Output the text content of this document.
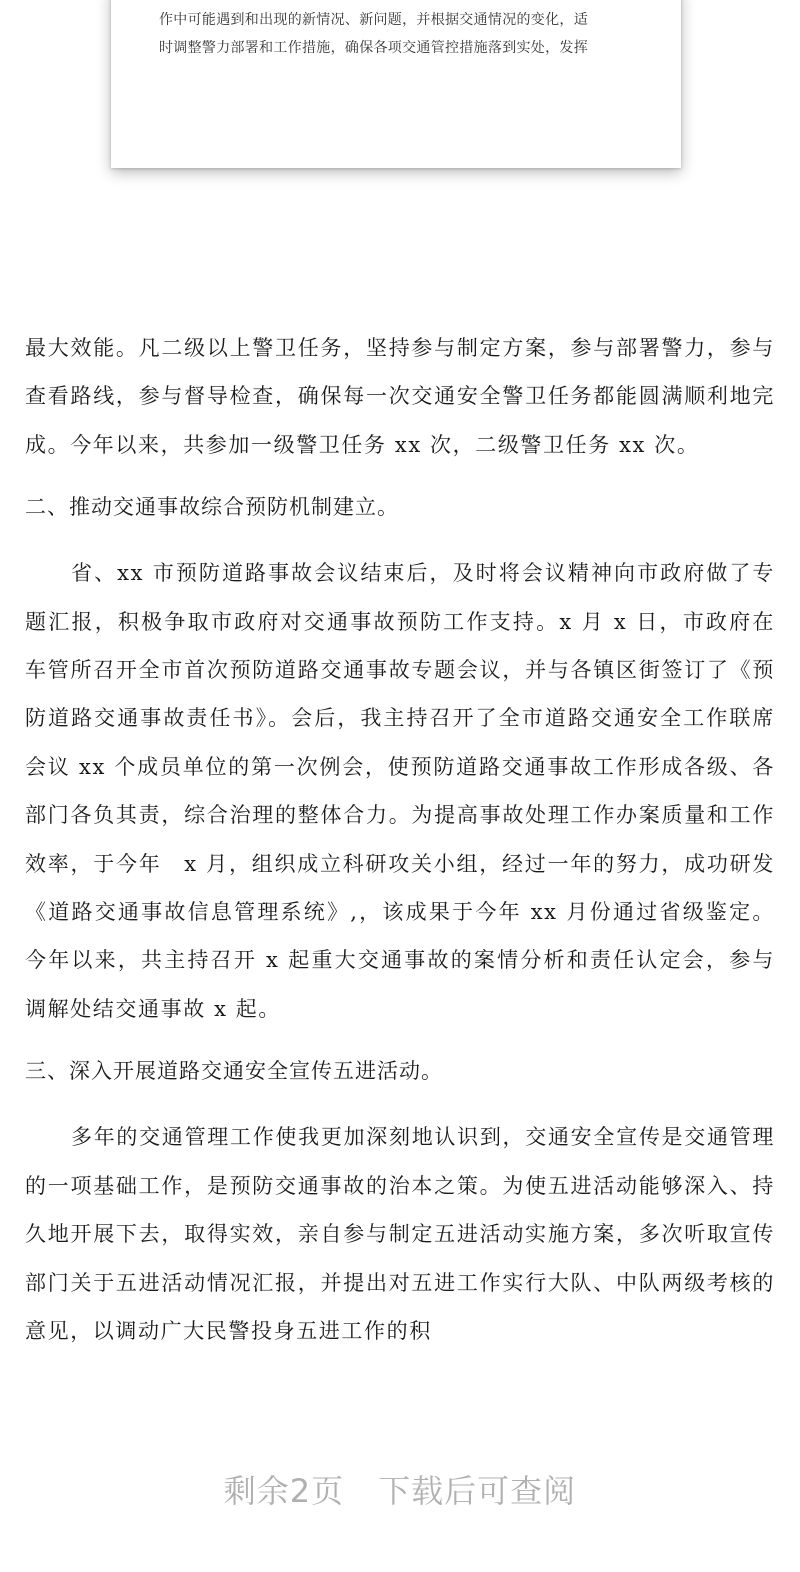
作中可能遇到和出现的新情况、新问题，并根据交通情况的变化，适
时调整警力部署和工作措施，确保各项交通管控措施落到实处，发挥

最大效能。凡二级以上警卫任务，坚持参与制定方案，参与部署警力，参与查看路线，参与督导检查，确保每一次交通安全警卫任务都能圆满顺利地完成。今年以来，共参加一级警卫任务 xx 次，二级警卫任务 xx 次。

二、推动交通事故综合预防机制建立。

省、xx 市预防道路事故会议结束后，及时将会议精神向市政府做了专题汇报，积极争取市政府对交通事故预防工作支持。x 月 x 日，市政府在车管所召开全市首次预防道路交通事故专题会议，并与各镇区街签订了《预防道路交通事故责任书》。会后，我主持召开了全市道路交通安全工作联席会议 xx 个成员单位的第一次例会，使预防道路交通事故工作形成各级、各部门各负其责，综合治理的整体合力。为提高事故处理工作办案质量和工作效率，于今年　x 月，组织成立科研攻关小组，经过一年的努力，成功研发《道路交通事故信息管理系统》,，该成果于今年 xx 月份通过省级鉴定。今年以来，共主持召开 x 起重大交通事故的案情分析和责任认定会，参与调解处结交通事故 x 起。

三、深入开展道路交通安全宣传五进活动。

多年的交通管理工作使我更加深刻地认识到，交通安全宣传是交通管理的一项基础工作，是预防交通事故的治本之策。为使五进活动能够深入、持久地开展下去，取得实效，亲自参与制定五进活动实施方案，多次听取宣传部门关于五进活动情况汇报，并提出对五进工作实行大队、中队两级考核的意见，以调动广大民警投身五进工作的积

剩余2页 下载后可查阅
